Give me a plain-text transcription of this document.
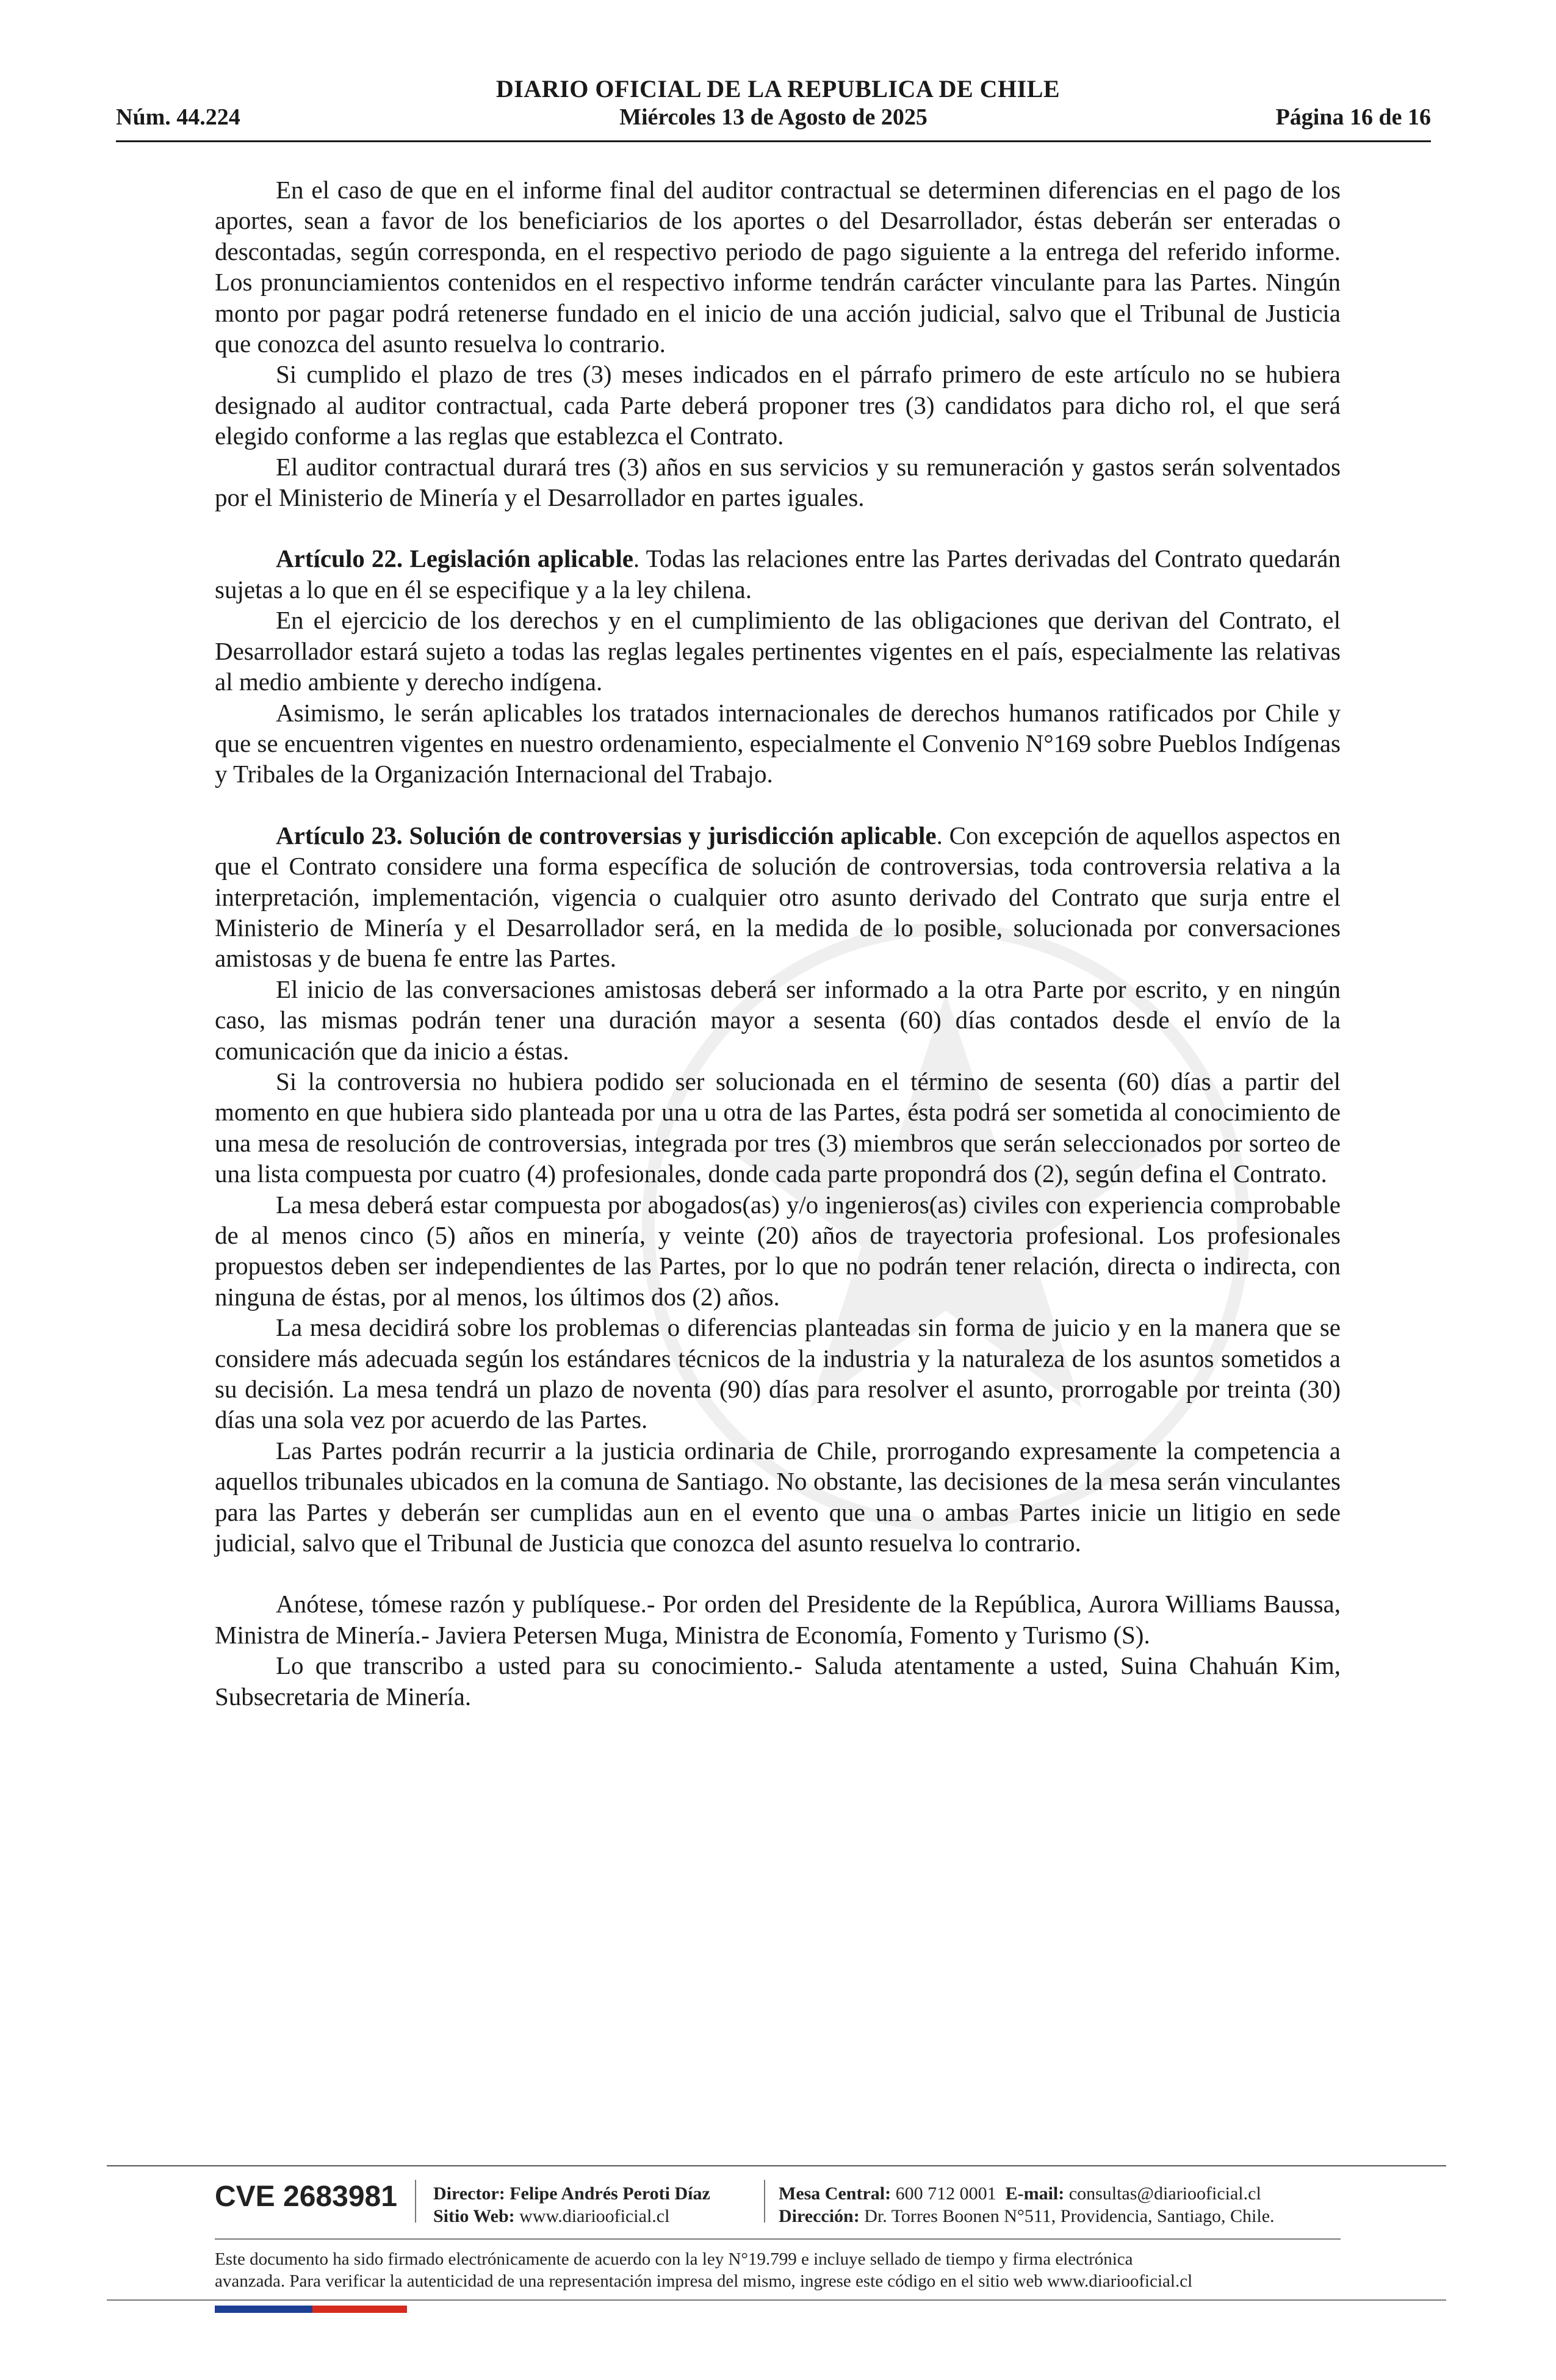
DIARIO OFICIAL DE LA REPUBLICA DE CHILE
Miércoles 13 de Agosto de 2025
Núm. 44.224	Página 16 de 16

En el caso de que en el informe final del auditor contractual se determinen diferencias en el pago de los aportes, sean a favor de los beneficiarios de los aportes o del Desarrollador, éstas deberán ser enteradas o descontadas, según corresponda, en el respectivo periodo de pago siguiente a la entrega del referido informe. Los pronunciamientos contenidos en el respectivo informe tendrán carácter vinculante para las Partes. Ningún monto por pagar podrá retenerse fundado en el inicio de una acción judicial, salvo que el Tribunal de Justicia que conozca del asunto resuelva lo contrario.

Si cumplido el plazo de tres (3) meses indicados en el párrafo primero de este artículo no se hubiera designado al auditor contractual, cada Parte deberá proponer tres (3) candidatos para dicho rol, el que será elegido conforme a las reglas que establezca el Contrato.

El auditor contractual durará tres (3) años en sus servicios y su remuneración y gastos serán solventados por el Ministerio de Minería y el Desarrollador en partes iguales.

Artículo 22. Legislación aplicable. Todas las relaciones entre las Partes derivadas del Contrato quedarán sujetas a lo que en él se especifique y a la ley chilena.

En el ejercicio de los derechos y en el cumplimiento de las obligaciones que derivan del Contrato, el Desarrollador estará sujeto a todas las reglas legales pertinentes vigentes en el país, especialmente las relativas al medio ambiente y derecho indígena.

Asimismo, le serán aplicables los tratados internacionales de derechos humanos ratificados por Chile y que se encuentren vigentes en nuestro ordenamiento, especialmente el Convenio N°169 sobre Pueblos Indígenas y Tribales de la Organización Internacional del Trabajo.

Artículo 23. Solución de controversias y jurisdicción aplicable. Con excepción de aquellos aspectos en que el Contrato considere una forma específica de solución de controversias, toda controversia relativa a la interpretación, implementación, vigencia o cualquier otro asunto derivado del Contrato que surja entre el Ministerio de Minería y el Desarrollador será, en la medida de lo posible, solucionada por conversaciones amistosas y de buena fe entre las Partes.

El inicio de las conversaciones amistosas deberá ser informado a la otra Parte por escrito, y en ningún caso, las mismas podrán tener una duración mayor a sesenta (60) días contados desde el envío de la comunicación que da inicio a éstas.

Si la controversia no hubiera podido ser solucionada en el término de sesenta (60) días a partir del momento en que hubiera sido planteada por una u otra de las Partes, ésta podrá ser sometida al conocimiento de una mesa de resolución de controversias, integrada por tres (3) miembros que serán seleccionados por sorteo de una lista compuesta por cuatro (4) profesionales, donde cada parte propondrá dos (2), según defina el Contrato.

La mesa deberá estar compuesta por abogados(as) y/o ingenieros(as) civiles con experiencia comprobable de al menos cinco (5) años en minería, y veinte (20) años de trayectoria profesional. Los profesionales propuestos deben ser independientes de las Partes, por lo que no podrán tener relación, directa o indirecta, con ninguna de éstas, por al menos, los últimos dos (2) años.

La mesa decidirá sobre los problemas o diferencias planteadas sin forma de juicio y en la manera que se considere más adecuada según los estándares técnicos de la industria y la naturaleza de los asuntos sometidos a su decisión. La mesa tendrá un plazo de noventa (90) días para resolver el asunto, prorrogable por treinta (30) días una sola vez por acuerdo de las Partes.

Las Partes podrán recurrir a la justicia ordinaria de Chile, prorrogando expresamente la competencia a aquellos tribunales ubicados en la comuna de Santiago. No obstante, las decisiones de la mesa serán vinculantes para las Partes y deberán ser cumplidas aun en el evento que una o ambas Partes inicie un litigio en sede judicial, salvo que el Tribunal de Justicia que conozca del asunto resuelva lo contrario.

Anótese, tómese razón y publíquese.- Por orden del Presidente de la República, Aurora Williams Baussa, Ministra de Minería.- Javiera Petersen Muga, Ministra de Economía, Fomento y Turismo (S).

Lo que transcribo a usted para su conocimiento.- Saluda atentamente a usted, Suina Chahuán Kim, Subsecretaria de Minería.

CVE 2683981 Director: Felipe Andrés Peroti Díaz
Sitio Web: www.diariooficial.cl
Mesa Central: 600 712 0001 E-mail: consultas@diariooficial.cl
Dirección: Dr. Torres Boonen N°511, Providencia, Santiago, Chile.
Este documento ha sido firmado electrónicamente de acuerdo con la ley N°19.799 e incluye sellado de tiempo y firma electrónica
avanzada. Para verificar la autenticidad de una representación impresa del mismo, ingrese este código en el sitio web www.diariooficial.cl
